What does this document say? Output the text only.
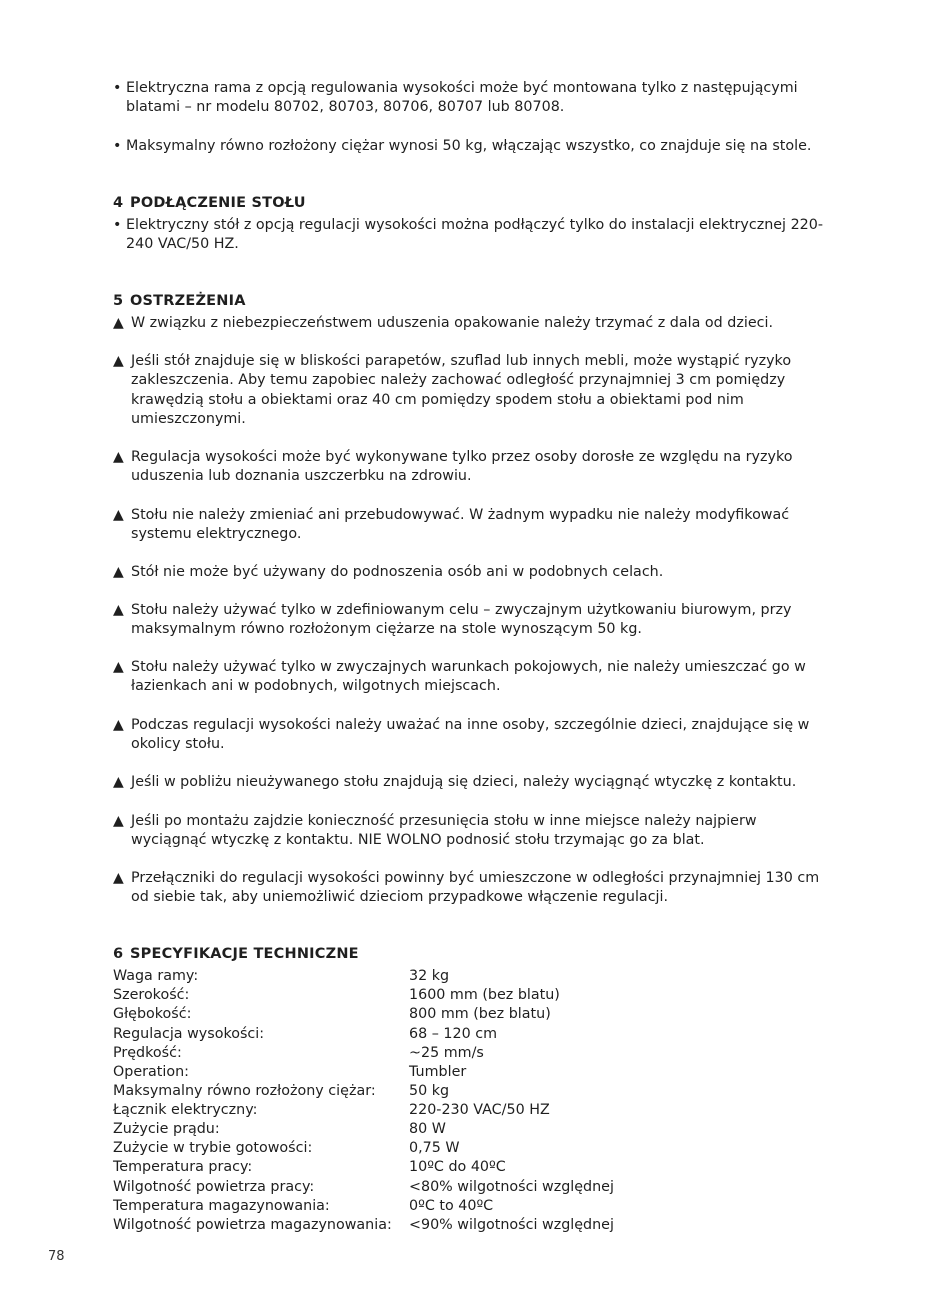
• Elektryczna rama z opcją regulowania wysokości może być montowana tylko z następującymi blatami – nr modelu 80702, 80703, 80706, 80707 lub 80708.
• Maksymalny równo rozłożony ciężar wynosi 50 kg, włączając wszystko, co znajduje się na stole.
4 PODŁĄCZENIE STOŁU
• Elektryczny stół z opcją regulacji wysokości można podłączyć tylko do instalacji elektrycznej 220-240 VAC/50 HZ.
5 OSTRZEŻENIA
▲ W związku z niebezpieczeństwem uduszenia opakowanie należy trzymać z dala od dzieci.
▲ Jeśli stół znajduje się w bliskości parapetów, szuflad lub innych mebli, może wystąpić ryzyko zakleszczenia. Aby temu zapobiec należy zachować odległość przynajmniej 3 cm pomiędzy krawędzią stołu a obiektami oraz 40 cm pomiędzy spodem stołu a obiektami pod nim umieszczonymi.
▲ Regulacja wysokości może być wykonywane tylko przez osoby dorosłe ze względu na ryzyko uduszenia lub doznania uszczerbku na zdrowiu.
▲ Stołu nie należy zmieniać ani przebudowywać. W żadnym wypadku nie należy modyfikować systemu elektrycznego.
▲ Stół nie może być używany do podnoszenia osób ani w podobnych celach.
▲ Stołu należy używać tylko w zdefiniowanym celu – zwyczajnym użytkowaniu biurowym, przy maksymalnym równo rozłożonym ciężarze na stole wynoszącym 50 kg.
▲ Stołu należy używać tylko w zwyczajnych warunkach pokojowych, nie należy umieszczać go w łazienkach ani w podobnych, wilgotnych miejscach.
▲ Podczas regulacji wysokości należy uważać na inne osoby, szczególnie dzieci, znajdujące się w okolicy stołu.
▲ Jeśli w pobliżu nieużywanego stołu znajdują się dzieci, należy wyciągnąć wtyczkę z kontaktu.
▲ Jeśli po montażu zajdzie konieczność przesunięcia stołu w inne miejsce należy najpierw wyciągnąć wtyczkę z kontaktu. NIE WOLNO podnosić stołu trzymając go za blat.
▲ Przełączniki do regulacji wysokości powinny być umieszczone w odległości przynajmniej 130 cm od siebie tak, aby uniemożliwić dzieciom przypadkowe włączenie regulacji.
6 SPECYFIKACJE TECHNICZNE
Waga ramy:	32 kg
Szerokość:	1600 mm (bez blatu)
Głębokość:	800 mm (bez blatu)
Regulacja wysokości:	68 – 120 cm
Prędkość:	~25 mm/s
Operation:	Tumbler
Maksymalny równo rozłożony ciężar: 50 kg
Łącznik elektryczny:	220-230 VAC/50 HZ
Zużycie prądu:	80 W
Zużycie w trybie gotowości:	0,75 W
Temperatura pracy:	10ºC do 40ºC
Wilgotność powietrza pracy:	<80% wilgotności względnej
Temperatura magazynowania:	0ºC to 40ºC
Wilgotność powietrza magazynowania: <90% wilgotności względnej
78
